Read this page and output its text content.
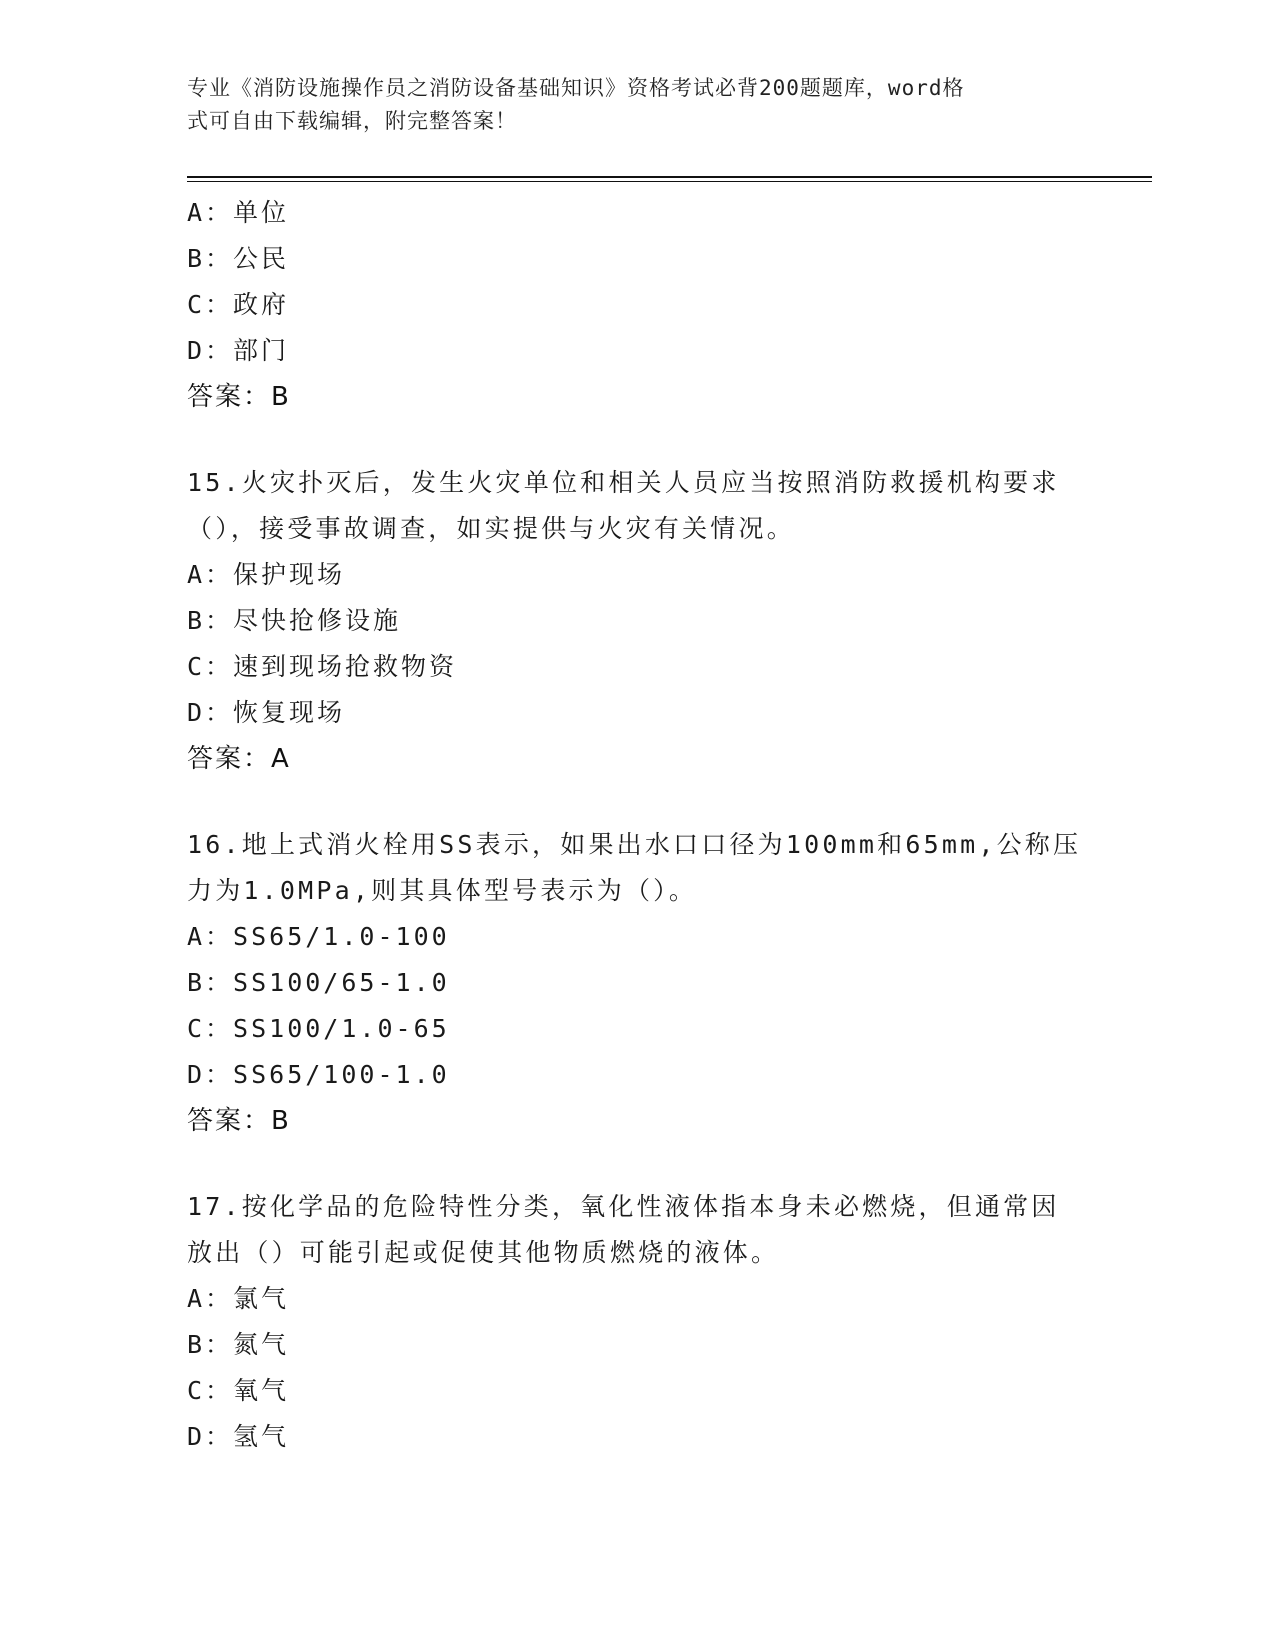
专业《消防设施操作员之消防设备基础知识》资格考试必背200题题库，word格
式可自由下载编辑，附完整答案！
A：单位
B：公民
C：政府
D：部门
答案：B
15.火灾扑灭后，发生火灾单位和相关人员应当按照消防救援机构要求
（），接受事故调查，如实提供与火灾有关情况。
A：保护现场
B：尽快抢修设施
C：速到现场抢救物资
D：恢复现场
答案：A
16.地上式消火栓用SS表示，如果出水口口径为100mm和65mm,公称压
力为1.0MPa,则其具体型号表示为（）。
A：SS65/1.0-100
B：SS100/65-1.0
C：SS100/1.0-65
D：SS65/100-1.0
答案：B
17.按化学品的危险特性分类，氧化性液体指本身未必燃烧，但通常因
放出（）可能引起或促使其他物质燃烧的液体。
A：氯气
B：氮气
C：氧气
D：氢气
